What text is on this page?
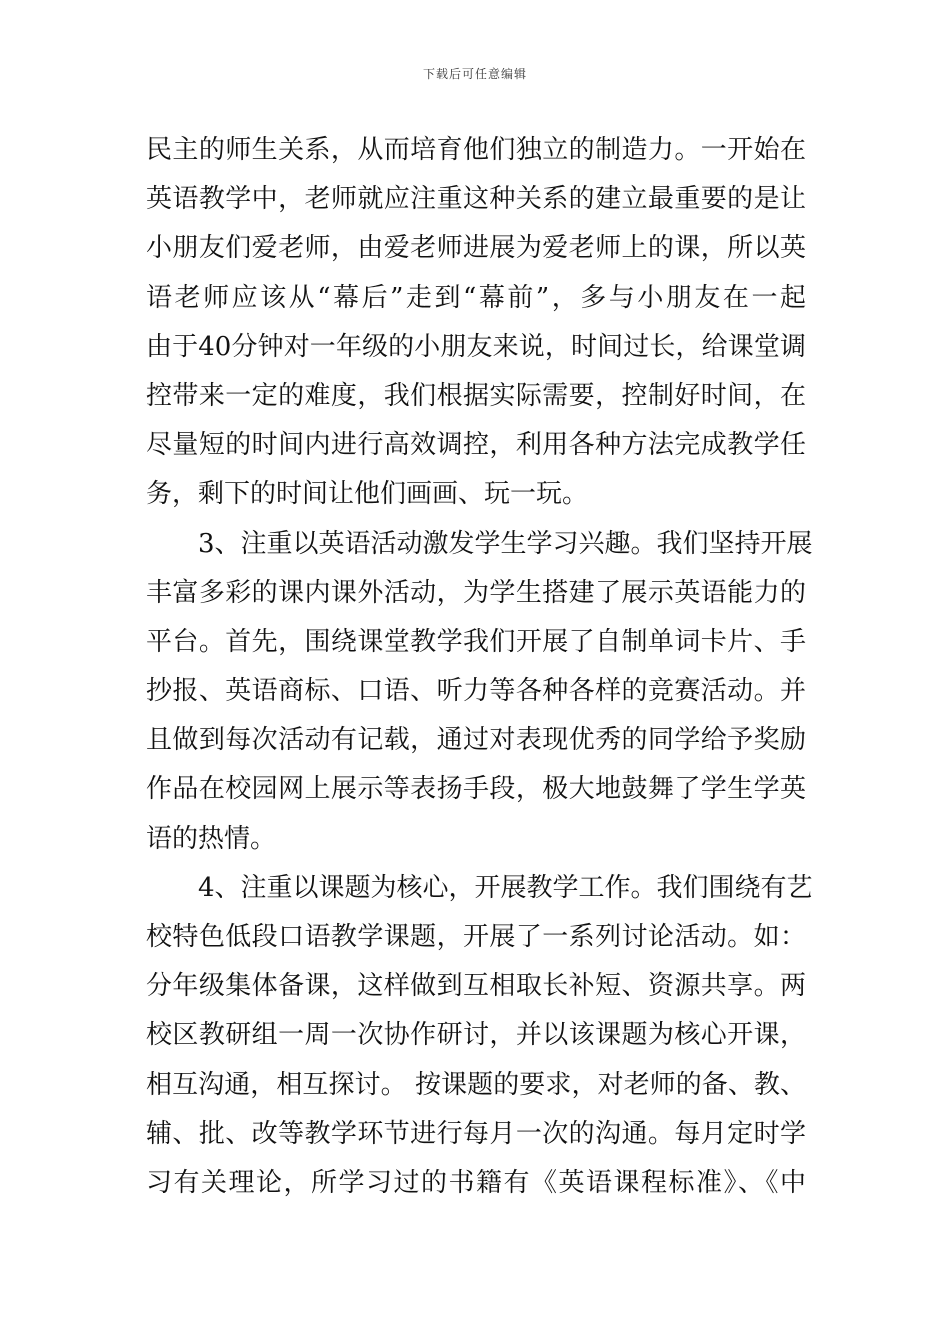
下载后可任意编辑
民主的师生关系，从而培育他们独立的制造力。一开始在
英语教学中，老师就应注重这种关系的建立最重要的是让
小朋友们爱老师，由爱老师进展为爱老师上的课，所以英
语老师应该从“幕后”走到“幕前”，多与小朋友在一起
由于40分钟对一年级的小朋友来说，时间过长，给课堂调
控带来一定的难度，我们根据实际需要，控制好时间，在
尽量短的时间内进行高效调控，利用各种方法完成教学任
务，剩下的时间让他们画画、玩一玩。
3、注重以英语活动激发学生学习兴趣。我们坚持开展
丰富多彩的课内课外活动，为学生搭建了展示英语能力的
平台。首先，围绕课堂教学我们开展了自制单词卡片、手
抄报、英语商标、口语、听力等各种各样的竞赛活动。并
且做到每次活动有记载，通过对表现优秀的同学给予奖励
作品在校园网上展示等表扬手段，极大地鼓舞了学生学英
语的热情。
4、注重以课题为核心，开展教学工作。我们围绕有艺
校特色低段口语教学课题，开展了一系列讨论活动。如：
分年级集体备课，这样做到互相取长补短、资源共享。两
校区教研组一周一次协作研讨，并以该课题为核心开课，
相互沟通，相互探讨。 按课题的要求，对老师的备、教、
辅、批、改等教学环节进行每月一次的沟通。每月定时学
习有关理论，所学习过的书籍有《英语课程标准》、《中
